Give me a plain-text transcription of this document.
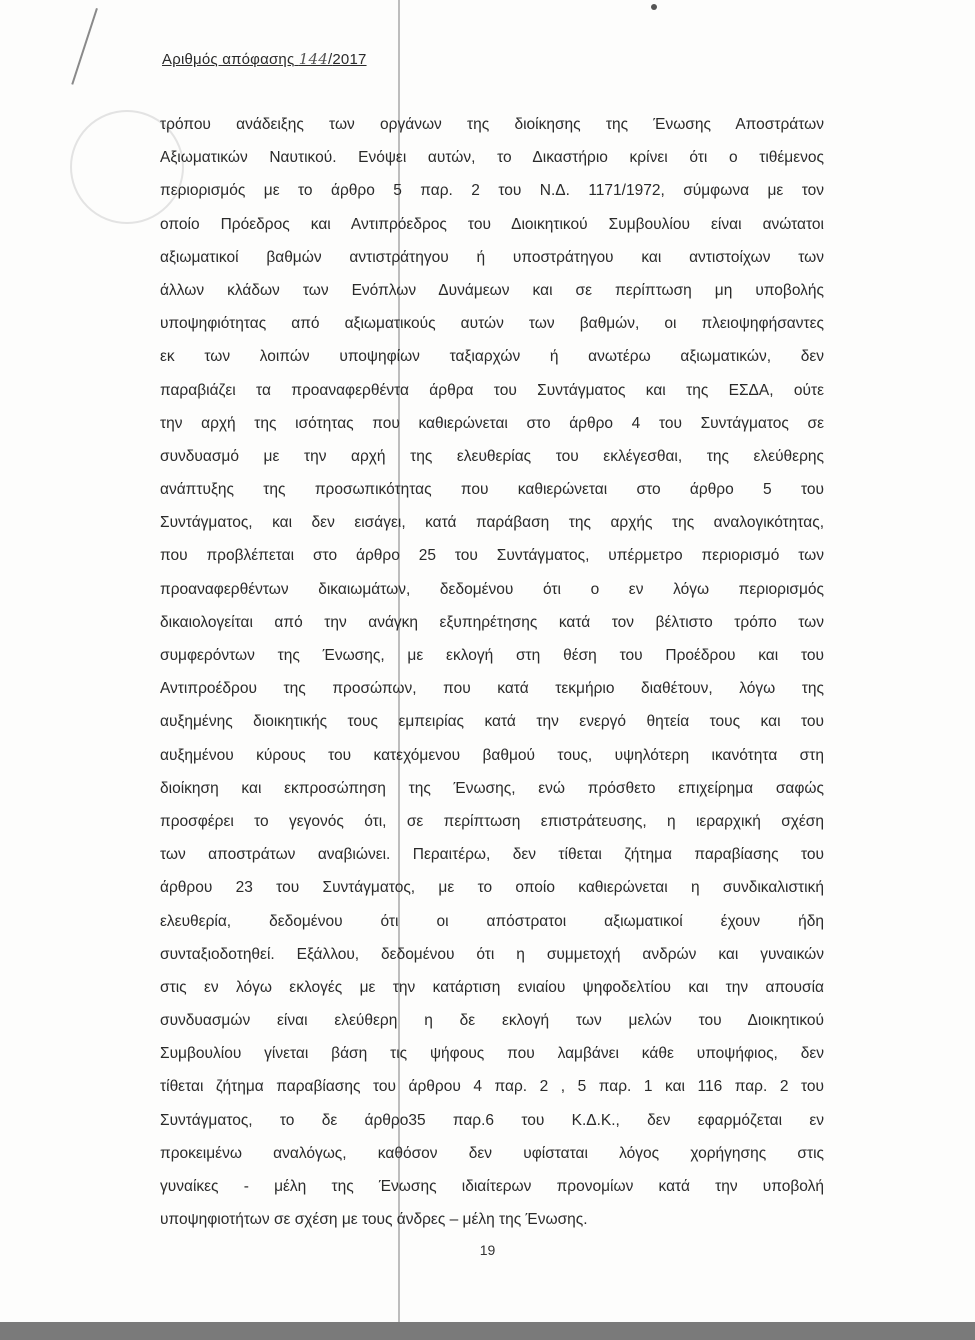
Αριθμός απόφασης 144/2017
τρόπου ανάδειξης των οργάνων της διοίκησης της Ένωσης Αποστράτων
Αξιωματικών Ναυτικού. Ενόψει αυτών, το Δικαστήριο κρίνει ότι ο τιθέμενος
περιορισμός με το άρθρο 5 παρ. 2 του Ν.Δ. 1171/1972, σύμφωνα με τον
οποίο Πρόεδρος και Αντιπρόεδρος του Διοικητικού Συμβουλίου είναι ανώτατοι
αξιωματικοί βαθμών αντιστράτηγου ή υποστράτηγου και αντιστοίχων των
άλλων κλάδων των Ενόπλων Δυνάμεων και σε περίπτωση μη υποβολής
υποψηφιότητας από αξιωματικούς αυτών των βαθμών, οι πλειοψηφήσαντες
εκ των λοιπών υποψηφίων ταξιαρχών ή ανωτέρω αξιωματικών, δεν
παραβιάζει τα προαναφερθέντα άρθρα του Συντάγματος και της ΕΣΔΑ, ούτε
την αρχή της ισότητας που καθιερώνεται στο άρθρο 4 του Συντάγματος σε
συνδυασμό με την αρχή της ελευθερίας του εκλέγεσθαι, της ελεύθερης
ανάπτυξης της προσωπικότητας που καθιερώνεται στο άρθρο 5 του
Συντάγματος, και δεν εισάγει, κατά παράβαση της αρχής της αναλογικότητας,
που προβλέπεται στο άρθρο 25 του Συντάγματος, υπέρμετρο περιορισμό των
προαναφερθέντων δικαιωμάτων, δεδομένου ότι ο εν λόγω περιορισμός
δικαιολογείται από την ανάγκη εξυπηρέτησης κατά τον βέλτιστο τρόπο των
συμφερόντων της Ένωσης, με εκλογή στη θέση του Προέδρου και του
Αντιπροέδρου της προσώπων, που κατά τεκμήριο διαθέτουν, λόγω της
αυξημένης διοικητικής τους εμπειρίας κατά την ενεργό θητεία τους και του
αυξημένου κύρους του κατεχόμενου βαθμού τους, υψηλότερη ικανότητα στη
διοίκηση και εκπροσώπηση της Ένωσης, ενώ πρόσθετο επιχείρημα σαφώς
προσφέρει το γεγονός ότι, σε περίπτωση επιστράτευσης, η ιεραρχική σχέση
των αποστράτων αναβιώνει. Περαιτέρω, δεν τίθεται ζήτημα παραβίασης του
άρθρου 23 του Συντάγματος, με το οποίο καθιερώνεται η συνδικαλιστική
ελευθερία, δεδομένου ότι οι απόστρατοι αξιωματικοί έχουν ήδη
συνταξιοδοτηθεί. Εξάλλου, δεδομένου ότι η συμμετοχή ανδρών και γυναικών
στις εν λόγω εκλογές με την κατάρτιση ενιαίου ψηφοδελτίου και την απουσία
συνδυασμών είναι ελεύθερη η δε εκλογή των μελών του Διοικητικού
Συμβουλίου γίνεται βάση τις ψήφους που λαμβάνει κάθε υποψήφιος, δεν
τίθεται ζήτημα παραβίασης του άρθρου 4 παρ. 2 , 5 παρ. 1 και 116 παρ. 2 του
Συντάγματος, το δε άρθρο35 παρ.6 του Κ.Δ.Κ., δεν εφαρμόζεται εν
προκειμένω αναλόγως, καθόσον δεν υφίσταται λόγος χορήγησης στις
γυναίκες - μέλη της Ένωσης ιδιαίτερων προνομίων κατά την υποβολή
υποψηφιοτήτων σε σχέση με τους άνδρες – μέλη της Ένωσης.
19
